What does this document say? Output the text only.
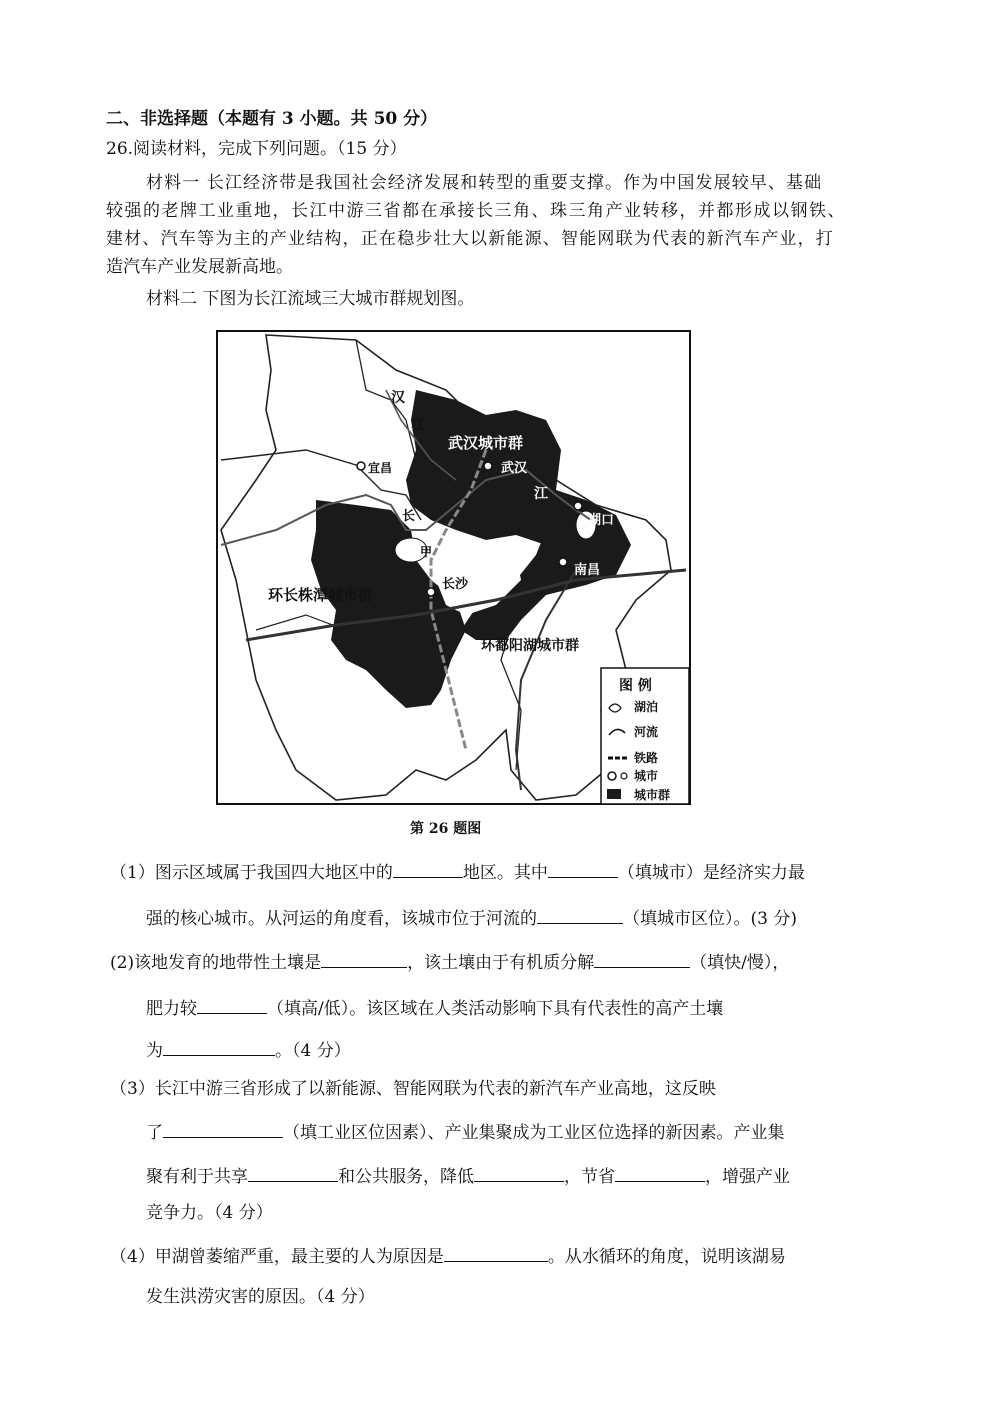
二、非选择题（本题有 3 小题。共 50 分）
26.阅读材料，完成下列问题。（15 分）
材料一 长江经济带是我国社会经济发展和转型的重要支撑。作为中国发展较早、基础
较强的老牌工业重地，长江中游三省都在承接长三角、珠三角产业转移，并都形成以钢铁、
建材、汽车等为主的产业结构，正在稳步壮大以新能源、智能网联为代表的新汽车产业，打
造汽车产业发展新高地。
材料二 下图为长江流域三大城市群规划图。
汉
江
武汉城市群
武汉
宜昌
江
长	湖口
甲
长沙
南昌
环长株潭城市群
环鄱阳湖城市群
图 例
湖泊
河流
铁路
城市
城市群
第 26 题图
（1）图示区域属于我国四大地区中的	地区。其中	（填城市）是经济实力最
强的核心城市。从河运的角度看，该城市位于河流的	（填城市区位）。(3 分)
(2)该地发育的地带性土壤是	，该土壤由于有机质分解	（填快/慢），
肥力较	（填高/低）。该区域在人类活动影响下具有代表性的高产土壤
为	。（4 分）
（3）长江中游三省形成了以新能源、智能网联为代表的新汽车产业高地，这反映
了	（填工业区位因素）、产业集聚成为工业区位选择的新因素。产业集
聚有利于共享	和公共服务，降低	，节省	，增强产业
竞争力。（4 分）
（4）甲湖曾萎缩严重，最主要的人为原因是	。从水循环的角度，说明该湖易
发生洪涝灾害的原因。（4 分）
